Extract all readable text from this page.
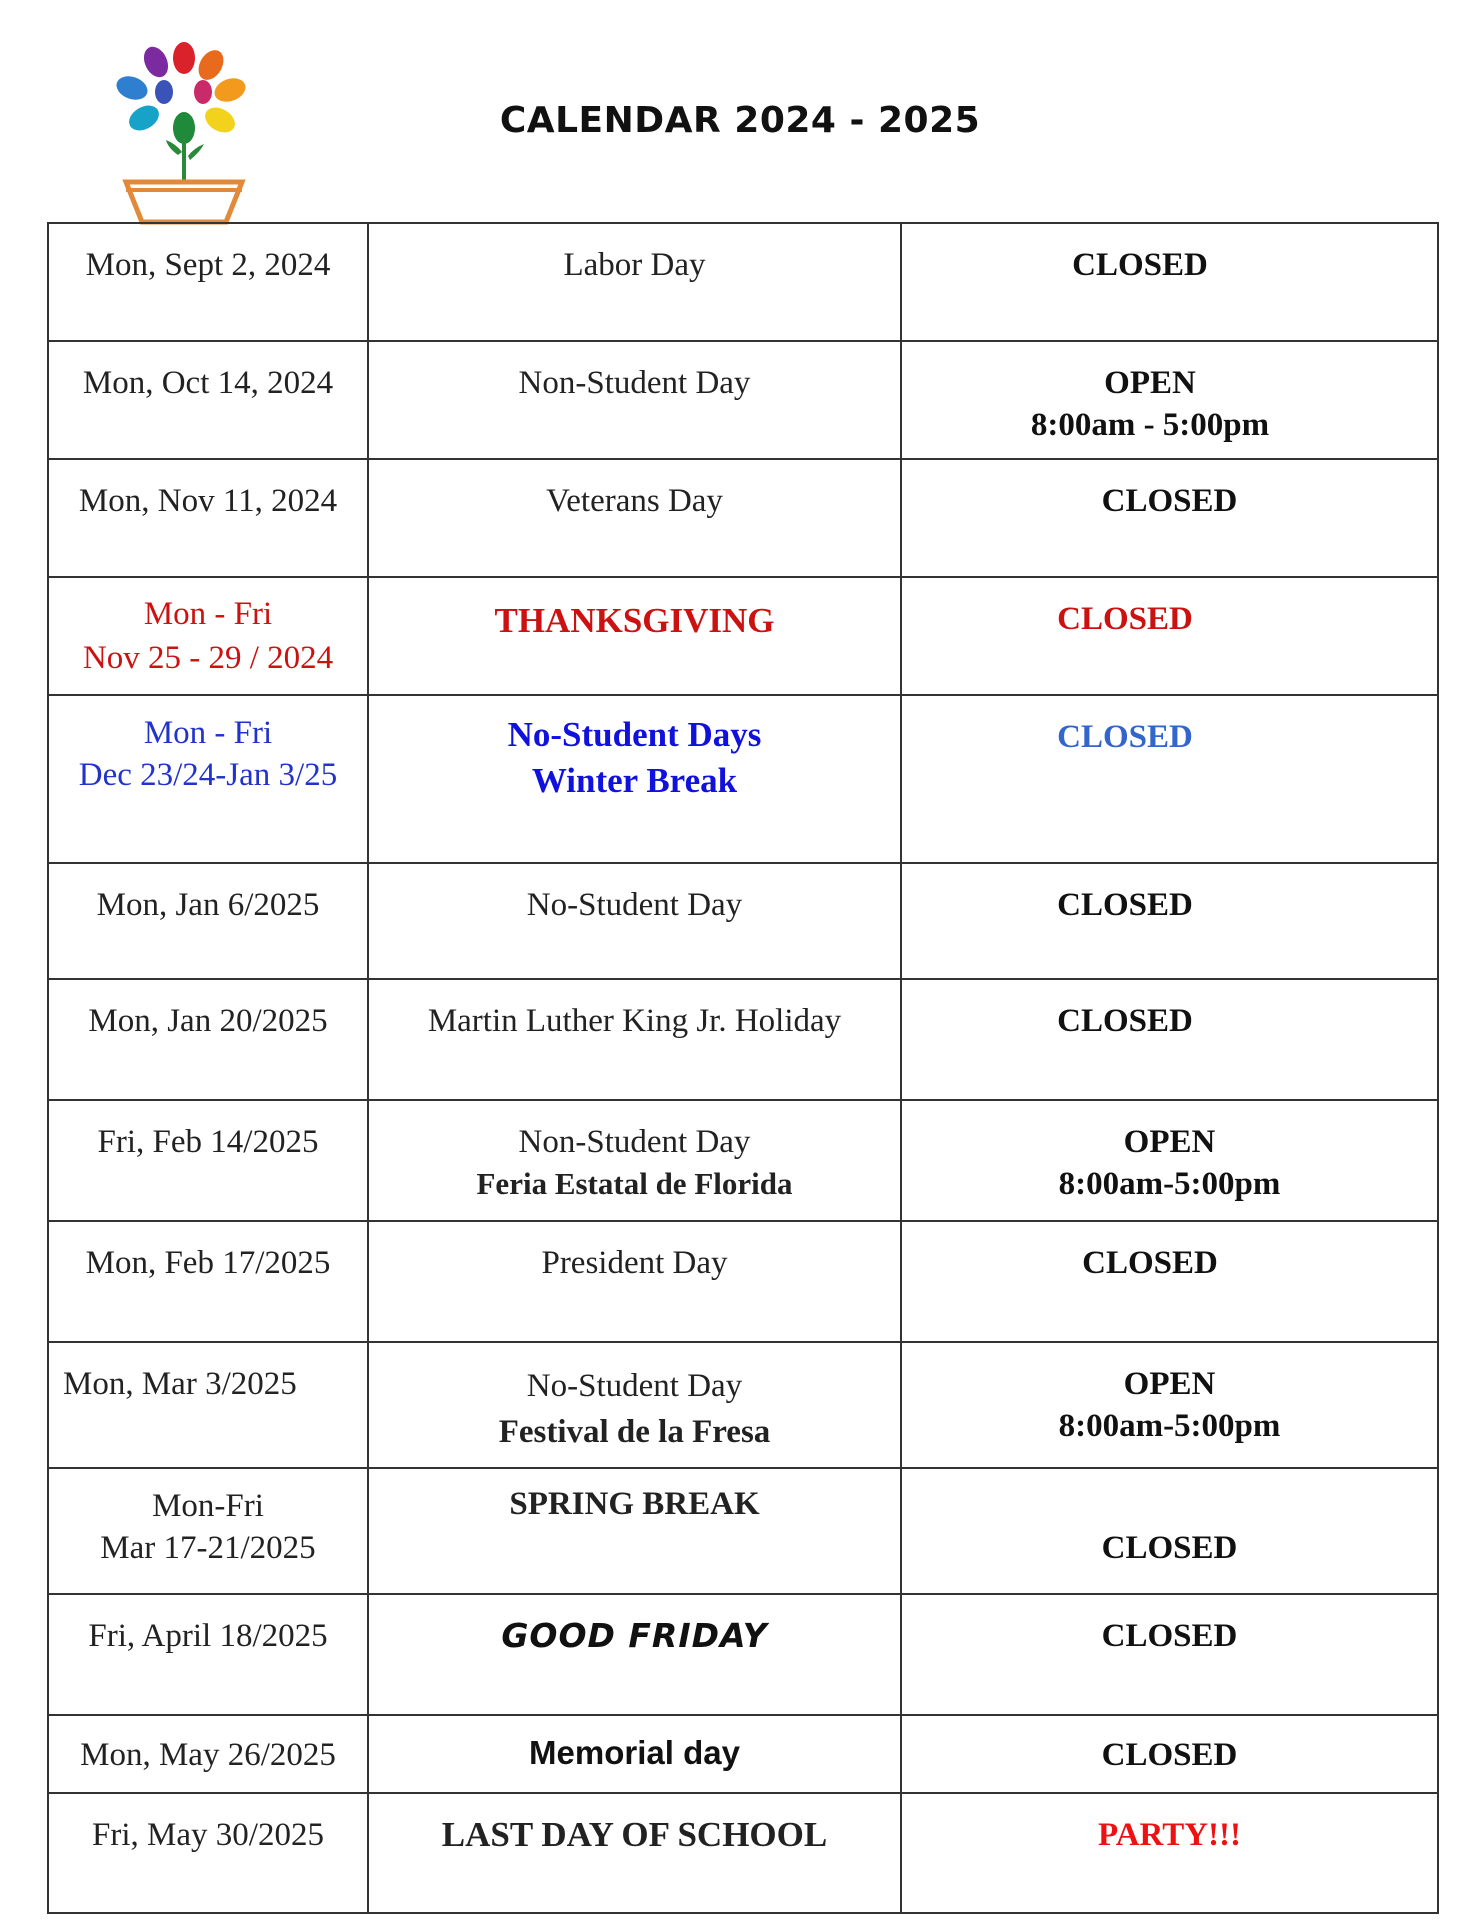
CALENDAR 2024 - 2025
Mon, Sept 2, 2024	Labor Day	CLOSED

Mon, Oct 14, 2024	Non-Student Day	OPEN
8:00am - 5:00pm

Mon, Nov 11, 2024	Veterans Day	CLOSED

Mon - Fri
Nov 25 - 29 / 2024	THANKSGIVING	CLOSED

Mon - Fri
Dec 23/24-Jan 3/25	No-Student Days
Winter Break	CLOSED

Mon, Jan 6/2025	No-Student Day	CLOSED

Mon, Jan 20/2025	Martin Luther King Jr. Holiday	CLOSED

Fri, Feb 14/2025	Non-Student Day
Feria Estatal de Florida	OPEN
8:00am-5:00pm

Mon, Feb 17/2025	President Day	CLOSED

Mon, Mar 3/2025	No-Student Day
Festival de la Fresa	OPEN
8:00am-5:00pm

Mon-Fri
Mar 17-21/2025	SPRING BREAK	CLOSED

Fri, April 18/2025	GOOD FRIDAY	CLOSED

Mon, May 26/2025	Memorial day	CLOSED

Fri, May 30/2025	LAST DAY OF SCHOOL	PARTY!!!
